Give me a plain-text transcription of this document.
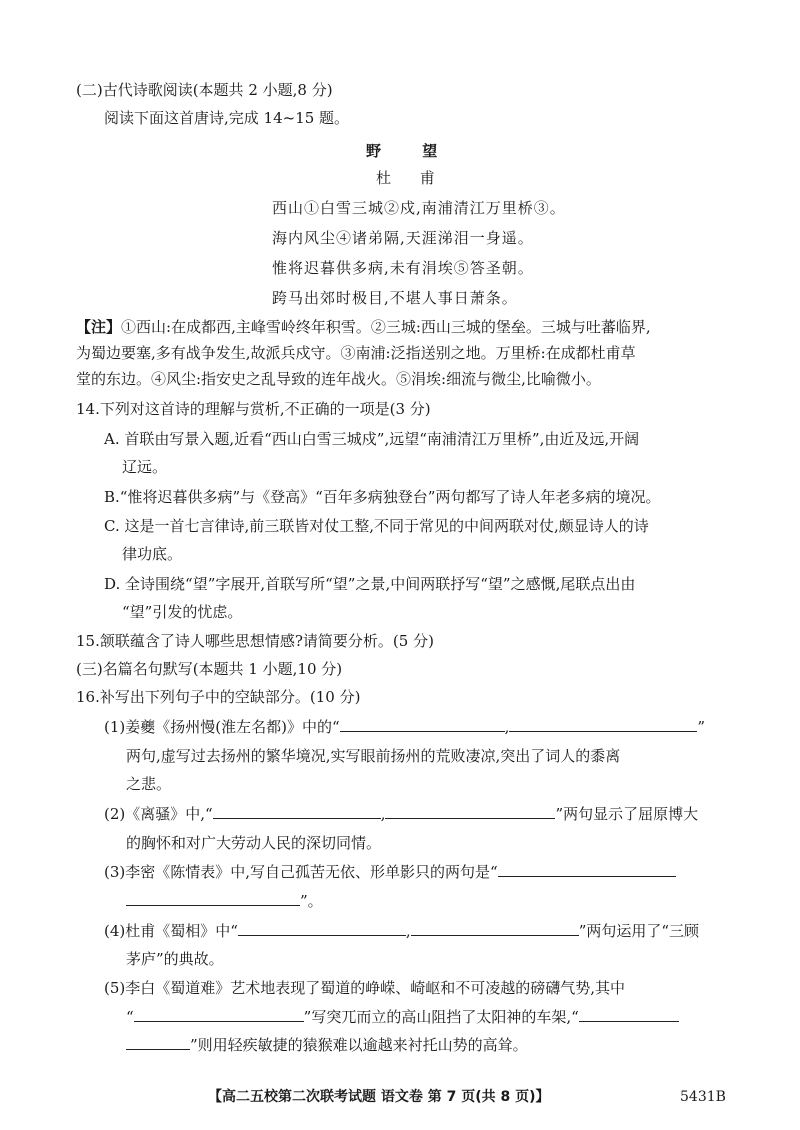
(二)古代诗歌阅读(本题共 2 小题,8 分)
阅读下面这首唐诗,完成 14~15 题。
野 望
杜 甫
西山①白雪三城②戍,南浦清江万里桥③。
海内风尘④诸弟隔,天涯涕泪一身遥。
惟将迟暮供多病,未有涓埃⑤答圣朝。
跨马出郊时极目,不堪人事日萧条。
【注】①西山:在成都西,主峰雪岭终年积雪。②三城:西山三城的堡垒。三城与吐蕃临界,
为蜀边要塞,多有战争发生,故派兵戍守。③南浦:泛指送别之地。万里桥:在成都杜甫草
堂的东边。④风尘:指安史之乱导致的连年战火。⑤涓埃:细流与微尘,比喻微小。
14.下列对这首诗的理解与赏析,不正确的一项是(3 分)
A. 首联由写景入题,近看“西山白雪三城戍”,远望“南浦清江万里桥”,由近及远,开阔
辽远。
B.“惟将迟暮供多病”与《登高》“百年多病独登台”两句都写了诗人年老多病的境况。
C. 这是一首七言律诗,前三联皆对仗工整,不同于常见的中间两联对仗,颇显诗人的诗
律功底。
D. 全诗围绕“望”字展开,首联写所“望”之景,中间两联抒写“望”之感慨,尾联点出由
“望”引发的忧虑。
15.颔联蕴含了诗人哪些思想情感?请简要分析。(5 分)
(三)名篇名句默写(本题共 1 小题,10 分)
16.补写出下列句子中的空缺部分。(10 分)
(1)姜夔《扬州慢(淮左名都)》中的“	,	”
两句,虚写过去扬州的繁华境况,实写眼前扬州的荒败凄凉,突出了词人的黍离
之悲。
(2)《离骚》中,“	,	”两句显示了屈原博大
的胸怀和对广大劳动人民的深切同情。
(3)李密《陈情表》中,写自己孤苦无依、形单影只的两句是“
”。
(4)杜甫《蜀相》中“	,	”两句运用了“三顾
茅庐”的典故。
(5)李白《蜀道难》艺术地表现了蜀道的峥嵘、崎岖和不可凌越的磅礴气势,其中
“	”写突兀而立的高山阻挡了太阳神的车架,“
”则用轻疾敏捷的猿猴难以逾越来衬托山势的高耸。
【高二五校第二次联考试题 语文卷 第 7 页(共 8 页)】	5431B
